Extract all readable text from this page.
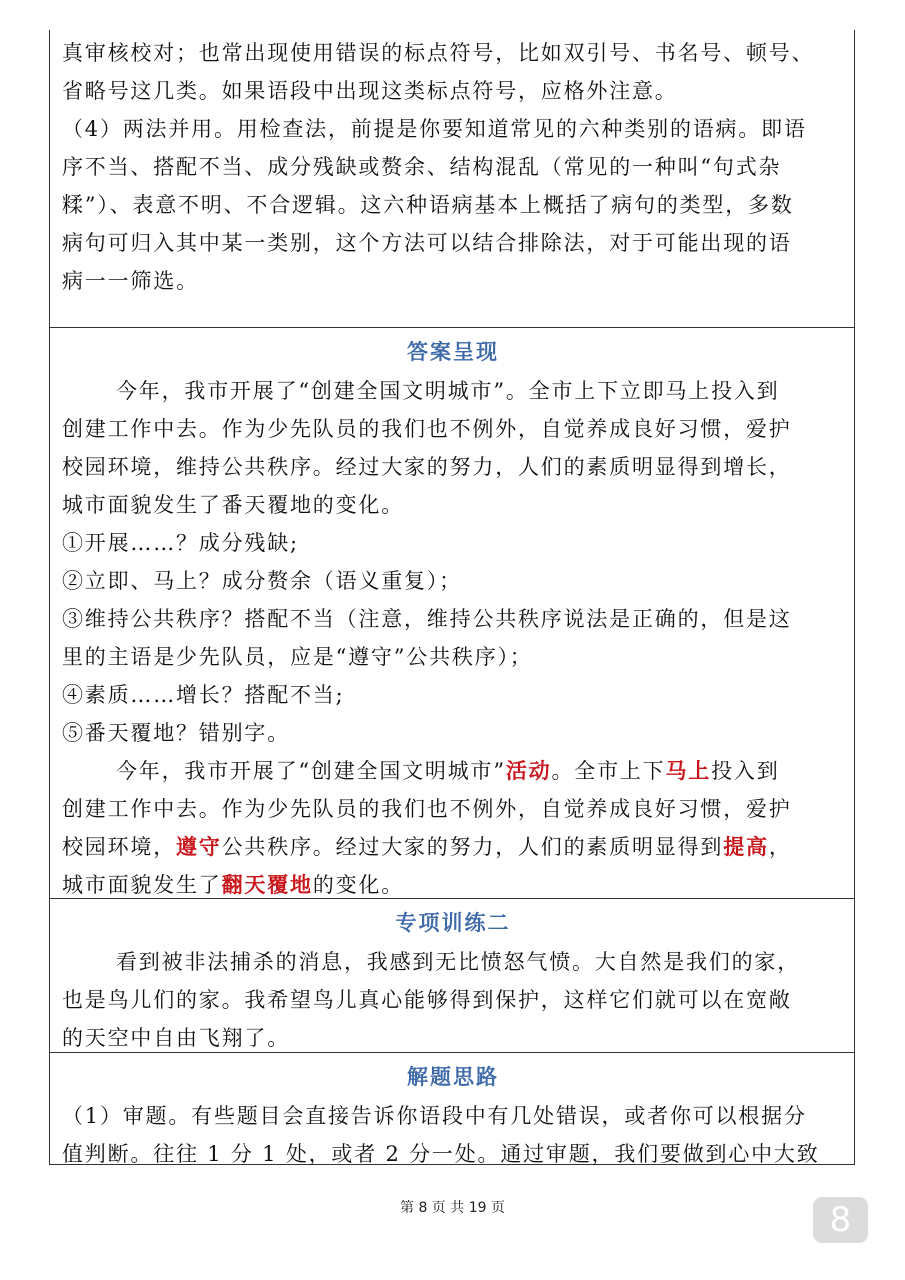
真审核校对；也常出现使用错误的标点符号，比如双引号、书名号、顿号、

省略号这几类。如果语段中出现这类标点符号，应格外注意。

（4）两法并用。用检查法，前提是你要知道常见的六种类别的语病。即语

序不当、搭配不当、成分残缺或赘余、结构混乱（常见的一种叫“句式杂

糅”）、表意不明、不合逻辑。这六种语病基本上概括了病句的类型，多数

病句可归入其中某一类别，这个方法可以结合排除法，对于可能出现的语

病一一筛选。

答案呈现

今年，我市开展了“创建全国文明城市”。全市上下立即马上投入到

创建工作中去。作为少先队员的我们也不例外，自觉养成良好习惯，爱护

校园环境，维持公共秩序。经过大家的努力，人们的素质明显得到增长，

城市面貌发生了番天覆地的变化。

①开展……？成分残缺;

②立即、马上？成分赘余（语义重复）；

③维持公共秩序？搭配不当（注意，维持公共秩序说法是正确的，但是这

里的主语是少先队员，应是“遵守”公共秩序）；

④素质……增长？搭配不当;

⑤番天覆地？错别字。

今年，我市开展了“创建全国文明城市”活动。全市上下马上投入到

创建工作中去。作为少先队员的我们也不例外，自觉养成良好习惯，爱护

校园环境，遵守公共秩序。经过大家的努力，人们的素质明显得到提高，

城市面貌发生了翻天覆地的变化。

专项训练二

看到被非法捕杀的消息，我感到无比愤怒气愤。大自然是我们的家，

也是鸟儿们的家。我希望鸟儿真心能够得到保护，这样它们就可以在宽敞

的天空中自由飞翔了。

解题思路

（1）审题。有些题目会直接告诉你语段中有几处错误，或者你可以根据分

值判断。往往 1 分 1 处，或者 2 分一处。通过审题，我们要做到心中大致

第 8 页 共 19 页	8
